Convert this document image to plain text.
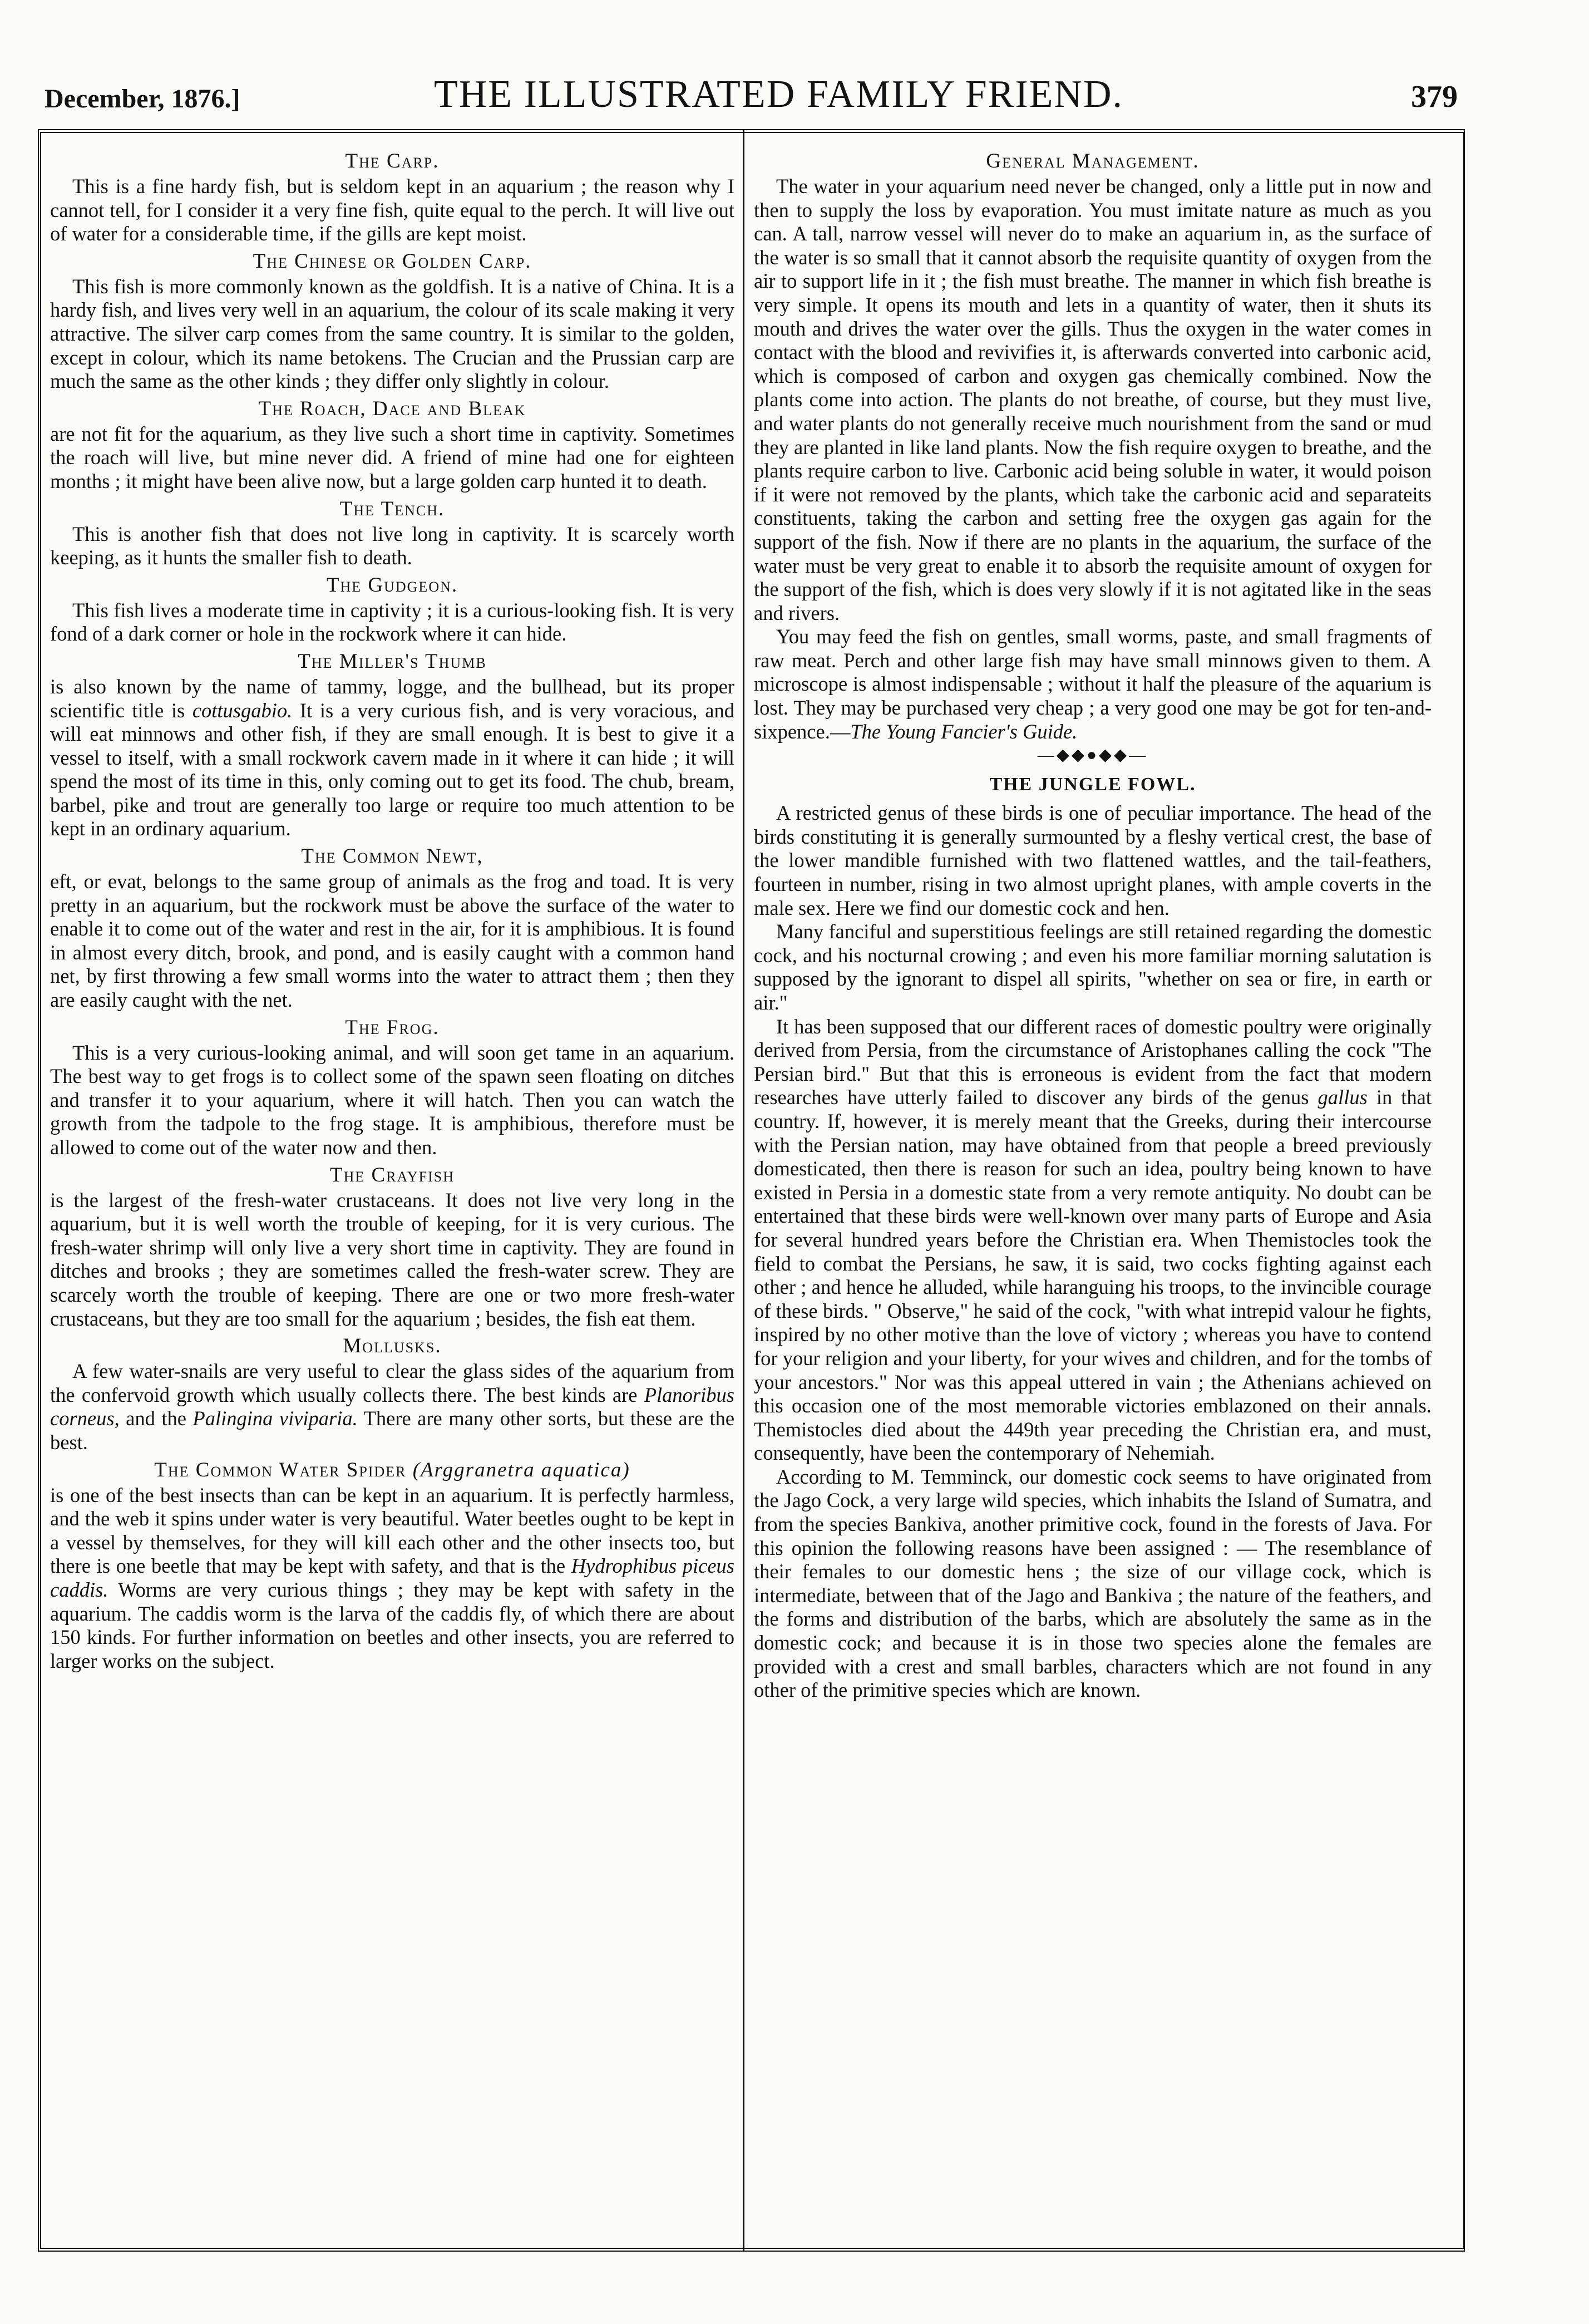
December, 1876.]	THE ILLUSTRATED FAMILY FRIEND.	379
The Carp.

This is a fine hardy fish, but is seldom kept in an aquarium ; the reason why I cannot tell, for I consider it a very fine fish, quite equal to the perch. It will live out of water for a considerable time, if the gills are kept moist.

The Chinese or Golden Carp.

This fish is more commonly known as the goldfish. It is a native of China. It is a hardy fish, and lives very well in an aquarium, the colour of its scale making it very attractive. The silver carp comes from the same country. It is similar to the golden, except in colour, which its name betokens. The Crucian and the Prussian carp are much the same as the other kinds ; they differ only slightly in colour.

The Roach, Dace and Bleak

are not fit for the aquarium, as they live such a short time in captivity. Sometimes the roach will live, but mine never did. A friend of mine had one for eighteen months ; it might have been alive now, but a large golden carp hunted it to death.

The Tench.

This is another fish that does not live long in captivity. It is scarcely worth keeping, as it hunts the smaller fish to death.

The Gudgeon.

This fish lives a moderate time in captivity ; it is a curious-looking fish. It is very fond of a dark corner or hole in the rockwork where it can hide.

The Miller's Thumb

is also known by the name of tammy, logge, and the bullhead, but its proper scientific title is cottusgabio. It is a very curious fish, and is very voracious, and will eat minnows and other fish, if they are small enough. It is best to give it a vessel to itself, with a small rockwork cavern made in it where it can hide ; it will spend the most of its time in this, only coming out to get its food. The chub, bream, barbel, pike and trout are generally too large or require too much attention to be kept in an ordinary aquarium.

The Common Newt,

eft, or evat, belongs to the same group of animals as the frog and toad. It is very pretty in an aquarium, but the rockwork must be above the surface of the water to enable it to come out of the water and rest in the air, for it is amphibious. It is found in almost every ditch, brook, and pond, and is easily caught with a common hand net, by first throwing a few small worms into the water to attract them ; then they are easily caught with the net.

The Frog.

This is a very curious-looking animal, and will soon get tame in an aquarium. The best way to get frogs is to collect some of the spawn seen floating on ditches and transfer it to your aquarium, where it will hatch. Then you can watch the growth from the tadpole to the frog stage. It is amphibious, therefore must be allowed to come out of the water now and then.

The Crayfish

is the largest of the fresh-water crustaceans. It does not live very long in the aquarium, but it is well worth the trouble of keeping, for it is very curious. The fresh-water shrimp will only live a very short time in captivity. They are found in ditches and brooks ; they are sometimes called the fresh-water screw. They are scarcely worth the trouble of keeping. There are one or two more fresh-water crustaceans, but they are too small for the aquarium ; besides, the fish eat them.

Mollusks.

A few water-snails are very useful to clear the glass sides of the aquarium from the confervoid growth which usually collects there. The best kinds are Planoribus corneus, and the Palingina viviparia. There are many other sorts, but these are the best.

The Common Water Spider (Arggranetra aquatica)

is one of the best insects than can be kept in an aquarium. It is perfectly harmless, and the web it spins under water is very beautiful. Water beetles ought to be kept in a vessel by themselves, for they will kill each other and the other insects too, but there is one beetle that may be kept with safety, and that is the Hydrophibus piceus caddis. Worms are very curious things ; they may be kept with safety in the aquarium. The caddis worm is the larva of the caddis fly, of which there are about 150 kinds. For further information on beetles and other insects, you are referred to larger works on the subject.

General Management.

The water in your aquarium need never be changed, only a little put in now and then to supply the loss by evaporation. You must imitate nature as much as you can. A tall, narrow vessel will never do to make an aquarium in, as the surface of the water is so small that it cannot absorb the requisite quantity of oxygen from the air to support life in it ; the fish must breathe. The manner in which fish breathe is very simple. It opens its mouth and lets in a quantity of water, then it shuts its mouth and drives the water over the gills. Thus the oxygen in the water comes in contact with the blood and revivifies it, is afterwards converted into carbonic acid, which is composed of carbon and oxygen gas chemically combined. Now the plants come into action. The plants do not breathe, of course, but they must live, and water plants do not generally receive much nourishment from the sand or mud they are planted in like land plants. Now the fish require oxygen to breathe, and the plants require carbon to live. Carbonic acid being soluble in water, it would poison if it were not removed by the plants, which take the carbonic acid and separateits constituents, taking the carbon and setting free the oxygen gas again for the support of the fish. Now if there are no plants in the aquarium, the surface of the water must be very great to enable it to absorb the requisite amount of oxygen for the support of the fish, which is does very slowly if it is not agitated like in the seas and rivers.

You may feed the fish on gentles, small worms, paste, and small fragments of raw meat. Perch and other large fish may have small minnows given to them. A microscope is almost indispensable ; without it half the pleasure of the aquarium is lost. They may be purchased very cheap ; a very good one may be got for ten-and-sixpence.—The Young Fancier's Guide.

—◆◆●◆◆—
THE JUNGLE FOWL.

A restricted genus of these birds is one of peculiar importance. The head of the birds constituting it is generally surmounted by a fleshy vertical crest, the base of the lower mandible furnished with two flattened wattles, and the tail-feathers, fourteen in number, rising in two almost upright planes, with ample coverts in the male sex. Here we find our domestic cock and hen.

Many fanciful and superstitious feelings are still retained regarding the domestic cock, and his nocturnal crowing ; and even his more familiar morning salutation is supposed by the ignorant to dispel all spirits, "whether on sea or fire, in earth or air."

It has been supposed that our different races of domestic poultry were originally derived from Persia, from the circumstance of Aristophanes calling the cock "The Persian bird." But that this is erroneous is evident from the fact that modern researches have utterly failed to discover any birds of the genus gallus in that country. If, however, it is merely meant that the Greeks, during their intercourse with the Persian nation, may have obtained from that people a breed previously domesticated, then there is reason for such an idea, poultry being known to have existed in Persia in a domestic state from a very remote antiquity. No doubt can be entertained that these birds were well-known over many parts of Europe and Asia for several hundred years before the Christian era. When Themistocles took the field to combat the Persians, he saw, it is said, two cocks fighting against each other ; and hence he alluded, while haranguing his troops, to the invincible courage of these birds. " Observe," he said of the cock, "with what intrepid valour he fights, inspired by no other motive than the love of victory ; whereas you have to contend for your religion and your liberty, for your wives and children, and for the tombs of your ancestors." Nor was this appeal uttered in vain ; the Athenians achieved on this occasion one of the most memorable victories emblazoned on their annals. Themistocles died about the 449th year preceding the Christian era, and must, consequently, have been the contemporary of Nehemiah.

According to M. Temminck, our domestic cock seems to have originated from the Jago Cock, a very large wild species, which inhabits the Island of Sumatra, and from the species Bankiva, another primitive cock, found in the forests of Java. For this opinion the following reasons have been assigned : — The resemblance of their females to our domestic hens ; the size of our village cock, which is intermediate, between that of the Jago and Bankiva ; the nature of the feathers, and the forms and distribution of the barbs, which are absolutely the same as in the domestic cock; and because it is in those two species alone the females are provided with a crest and small barbles, characters which are not found in any other of the primitive species which are known.
